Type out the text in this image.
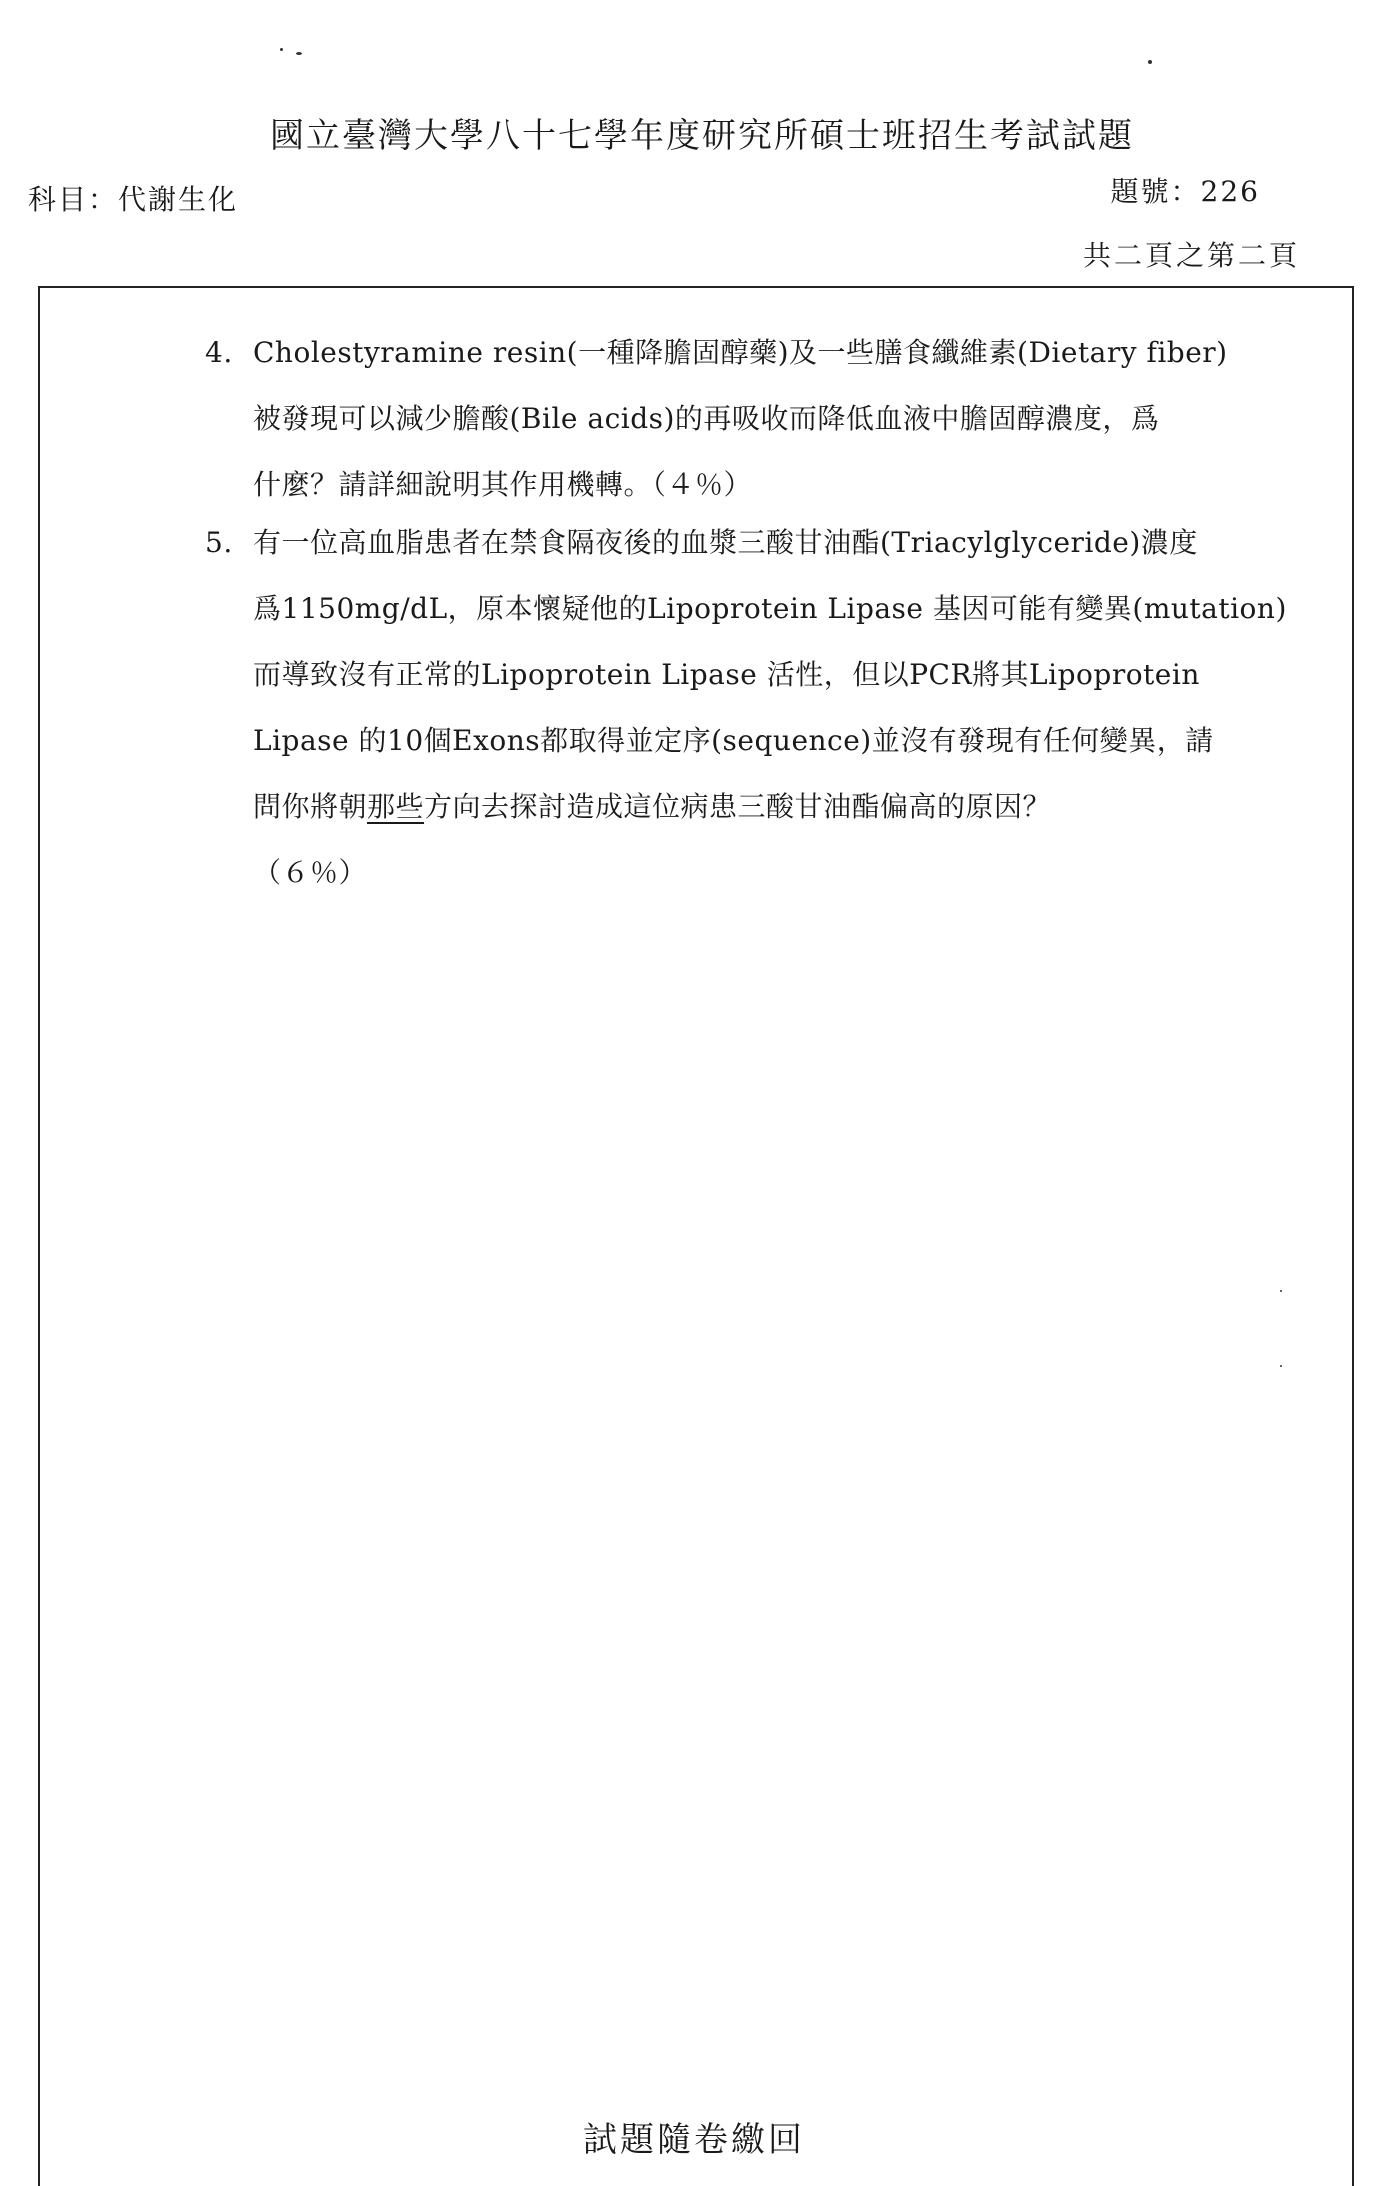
國立臺灣大學八十七學年度研究所碩士班招生考試試題
科目：代謝生化	題號：226
共二頁之第二頁
4. Cholestyramine resin(一種降膽固醇藥)及一些膳食纖維素(Dietary fiber)
被發現可以減少膽酸(Bile acids)的再吸收而降低血液中膽固醇濃度，爲
什麼？請詳細說明其作用機轉。（４％）
5. 有一位高血脂患者在禁食隔夜後的血漿三酸甘油酯(Triacylglyceride)濃度
爲1150mg/dL，原本懷疑他的Lipoprotein Lipase 基因可能有變異(mutation)
而導致沒有正常的Lipoprotein Lipase 活性，但以PCR將其Lipoprotein
Lipase 的10個Exons都取得並定序(sequence)並沒有發現有任何變異，請
問你將朝那些方向去探討造成這位病患三酸甘油酯偏高的原因？
（６％）
試題隨卷繳回
